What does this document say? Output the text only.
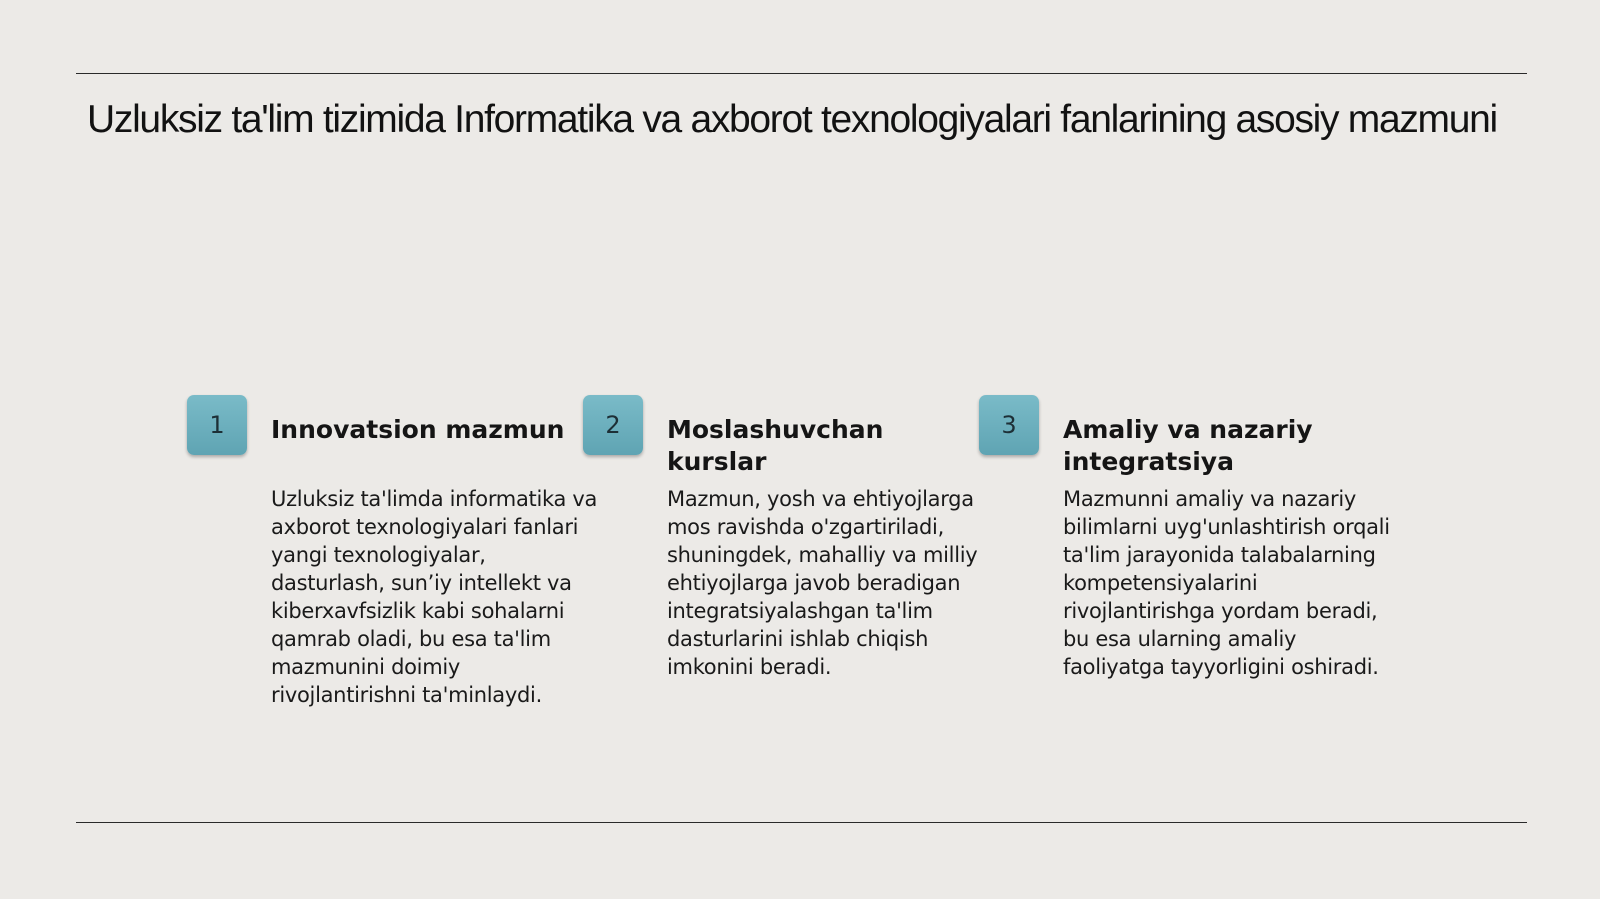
Uzluksiz ta'lim tizimida Informatika va axborot texnologiyalari fanlarining asosiy mazmuni
1 Innovatsion mazmun

Uzluksiz ta'limda informatika va axborot texnologiyalari fanlari yangi texnologiyalar, dasturlash, sun’iy intellekt va kiberxavfsizlik kabi sohalarni qamrab oladi, bu esa ta'lim mazmunini doimiy rivojlantirishni ta'minlaydi.

2 Moslashuvchan kurslar

Mazmun, yosh va ehtiyojlarga mos ravishda o'zgartiriladi, shuningdek, mahalliy va milliy ehtiyojlarga javob beradigan integratsiyalashgan ta'lim dasturlarini ishlab chiqish imkonini beradi.

3 Amaliy va nazariy integratsiya

Mazmunni amaliy va nazariy bilimlarni uyg'unlashtirish orqali ta'lim jarayonida talabalarning kompetensiyalarini rivojlantirishga yordam beradi, bu esa ularning amaliy faoliyatga tayyorligini oshiradi.
